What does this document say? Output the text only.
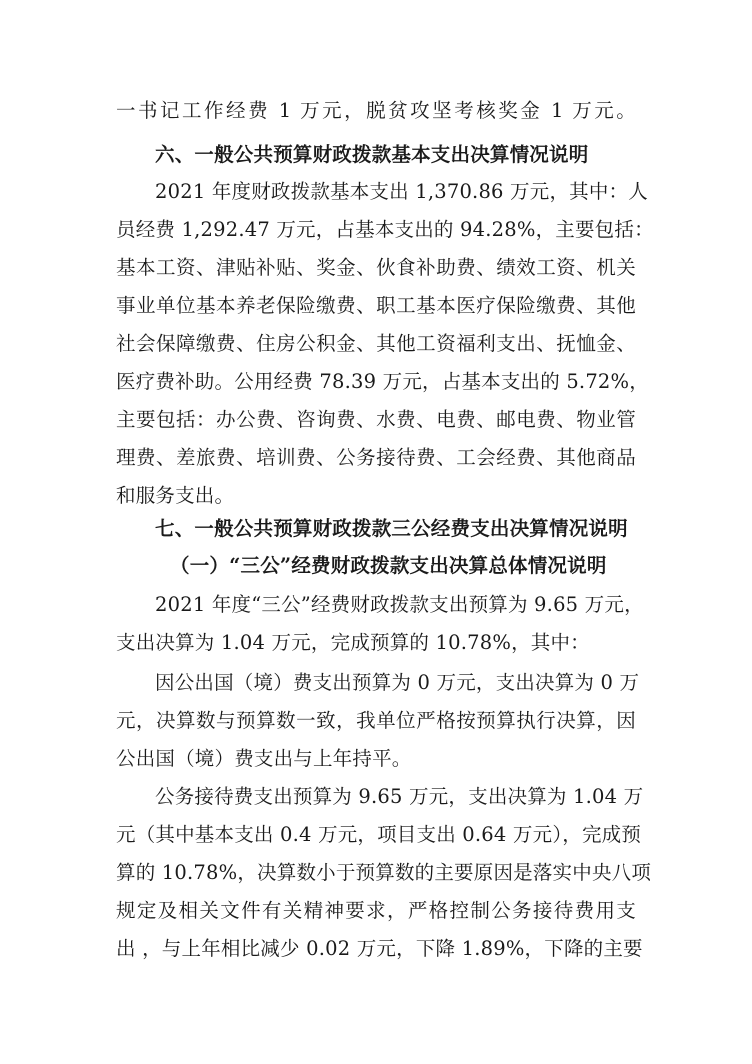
一书记工作经费 1 万元，脱贫攻坚考核奖金 1 万元。
六、一般公共预算财政拨款基本支出决算情况说明
2021 年度财政拨款基本支出 1,370.86 万元，其中：人
员经费 1,292.47 万元，占基本支出的 94.28%，主要包括：
基本工资、津贴补贴、奖金、伙食补助费、绩效工资、机关
事业单位基本养老保险缴费、职工基本医疗保险缴费、其他
社会保障缴费、住房公积金、其他工资福利支出、抚恤金、
医疗费补助。公用经费 78.39 万元，占基本支出的 5.72%，
主要包括：办公费、咨询费、水费、电费、邮电费、物业管
理费、差旅费、培训费、公务接待费、工会经费、其他商品
和服务支出。
七、一般公共预算财政拨款三公经费支出决算情况说明
（一）“三公”经费财政拨款支出决算总体情况说明
2021 年度“三公”经费财政拨款支出预算为 9.65 万元，
支出决算为 1.04 万元，完成预算的 10.78%，其中：
因公出国（境）费支出预算为 0 万元，支出决算为 0 万
元，决算数与预算数一致，我单位严格按预算执行决算，因
公出国（境）费支出与上年持平。
公务接待费支出预算为 9.65 万元，支出决算为 1.04 万
元（其中基本支出 0.4 万元，项目支出 0.64 万元），完成预
算的 10.78%，决算数小于预算数的主要原因是落实中央八项
规定及相关文件有关精神要求，严格控制公务接待费用支
出 ，与上年相比减少 0.02 万元，下降 1.89%，下降的主要
